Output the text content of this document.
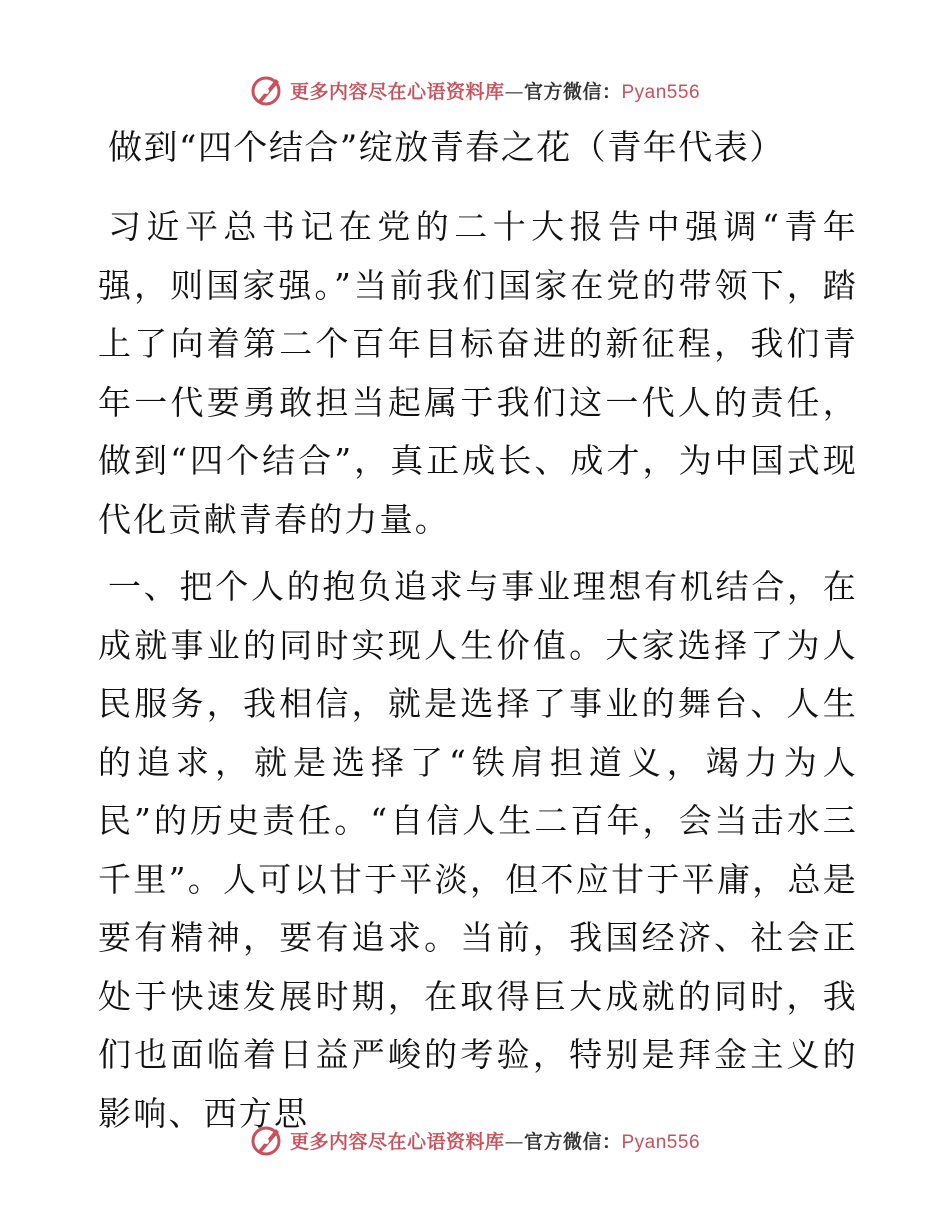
更多内容尽在心语资料库—官方微信：Pyan556
做到“四个结合”绽放青春之花（青年代表）
习近平总书记在党的二十大报告中强调“青年强，则国家强。”当前我们国家在党的带领下，踏上了向着第二个百年目标奋进的新征程，我们青年一代要勇敢担当起属于我们这一代人的责任，做到“四个结合”，真正成长、成才，为中国式现代化贡献青春的力量。
一、把个人的抱负追求与事业理想有机结合，在成就事业的同时实现人生价值。大家选择了为人民服务，我相信，就是选择了事业的舞台、人生的追求，就是选择了“铁肩担道义，竭力为人民”的历史责任。“自信人生二百年，会当击水三千里”。人可以甘于平淡，但不应甘于平庸，总是要有精神，要有追求。当前，我国经济、社会正处于快速发展时期，在取得巨大成就的同时，我们也面临着日益严峻的考验，特别是拜金主义的影响、西方思
更多内容尽在心语资料库—官方微信：Pyan556
